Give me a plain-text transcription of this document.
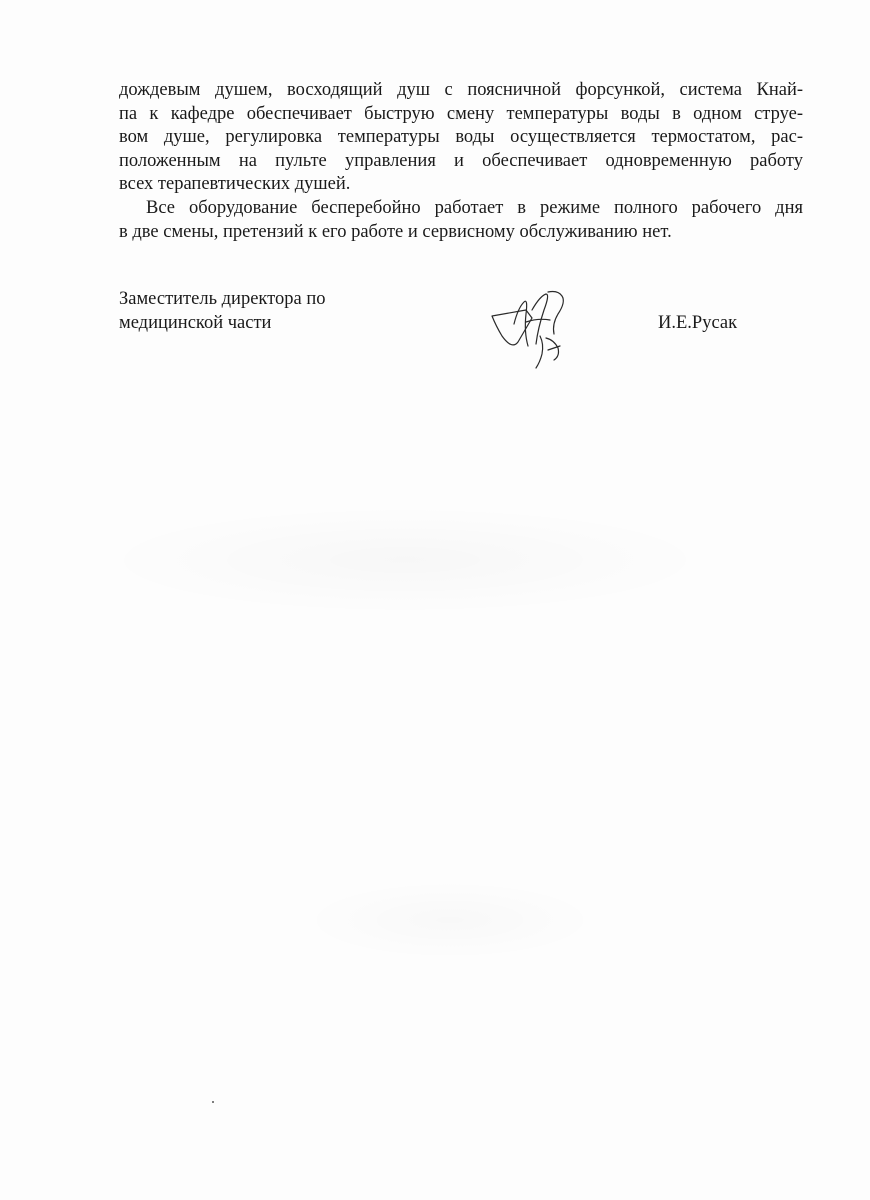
дождевым душем, восходящий душ с поясничной форсункой, система Кнай-
па к кафедре обеспечивает быструю смену температуры воды в одном струе-
вом душе, регулировка температуры воды осуществляется термостатом, рас-
положенным на пульте управления и обеспечивает одновременную работу
всех терапевтических душей.
Все оборудование бесперебойно работает в режиме полного рабочего дня
в две смены, претензий к его работе и сервисному обслуживанию нет.
Заместитель директора по
медицинской части	И.Е.Русак
